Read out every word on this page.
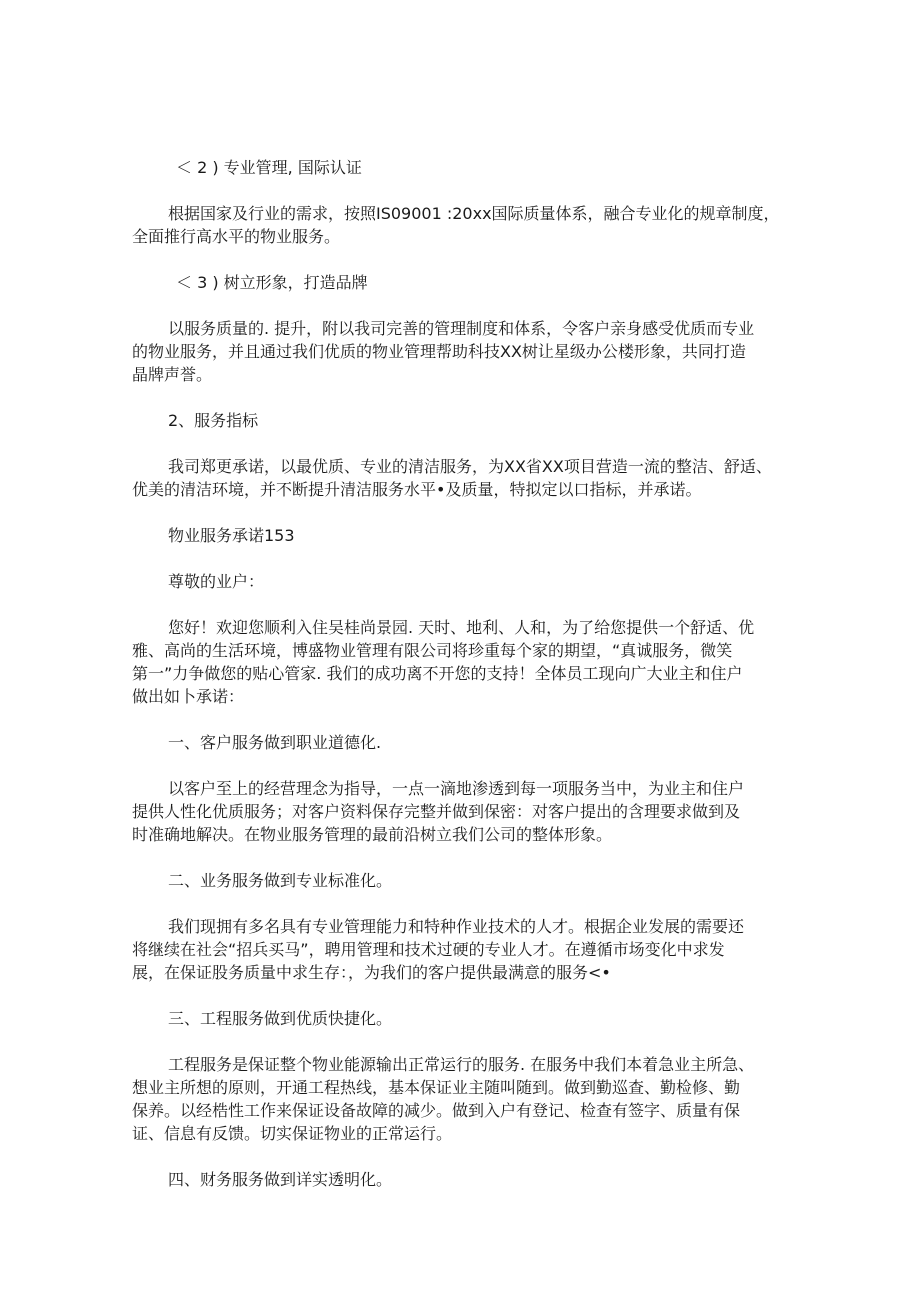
＜ 2 ) 专业管理, 国际认证
根据国家及行业的需求，按照IS09001 :20xx国际质量体系，融合专业化的规章制度，
全面推行高水平的物业服务。
＜ 3 ) 树立形象，打造品牌
以服务质量的. 提升，附以我司完善的管理制度和体系，令客户亲身感受优质而专业
的物业服务，并且通过我们优质的物业管理帮助科技XX树让星级办公楼形象，共同打造
晶牌声誉。
2、服务指标
我司郑更承诺，以最优质、专业的清洁服务，为XX省XX项目营造一流的整洁、舒适、
优美的清洁环境，并不断提升清洁服务水平•及质量，特拟定以口指标，并承诺。
物业服务承诺153
尊敬的业户：
您好！欢迎您顺利入住吴桂尚景园. 天时、地利、人和，为了给您提供一个舒适、优
雅、高尚的生活环境，博盛物业管理有限公司将珍重每个家的期望，“真诚服务，微笑
第一”力争做您的贴心管家. 我们的成功离不开您的支持！全体员工现向广大业主和住户
做出如卜承诺：
一、客户服务做到职业道德化.
以客户至上的经营理念为指导，一点一滴地渗透到每一项服务当中，为业主和住户
提供人性化优质服务；对客户资料保存完整并做到保密：对客户提出的含理要求做到及
时准确地解决。在物业服务管理的最前沿树立我们公司的整体形象。
二、业务服务做到专业标准化。
我们现拥有多名具有专业管理能力和特种作业技术的人才。根据企业发展的需要还
将继续在社会“招兵买马”，聘用管理和技术过硬的专业人才。在遵循市场变化中求发
展，在保证股务质量中求生存：，为我们的客户提供最满意的服务<•
三、工程服务做到优质快捷化。
工程服务是保证整个物业能源输出正常运行的服务. 在服务中我们本着急业主所急、
想业主所想的原则，开通工程热线，基本保证业主随叫随到。做到勤巡查、勤检修、勤
保养。以经梏性工作来保证设备故障的减少。做到入户有登记、检查有签字、质量有保
证、信息有反馈。切实保证物业的正常运行。
四、财务服务做到详实透明化。
